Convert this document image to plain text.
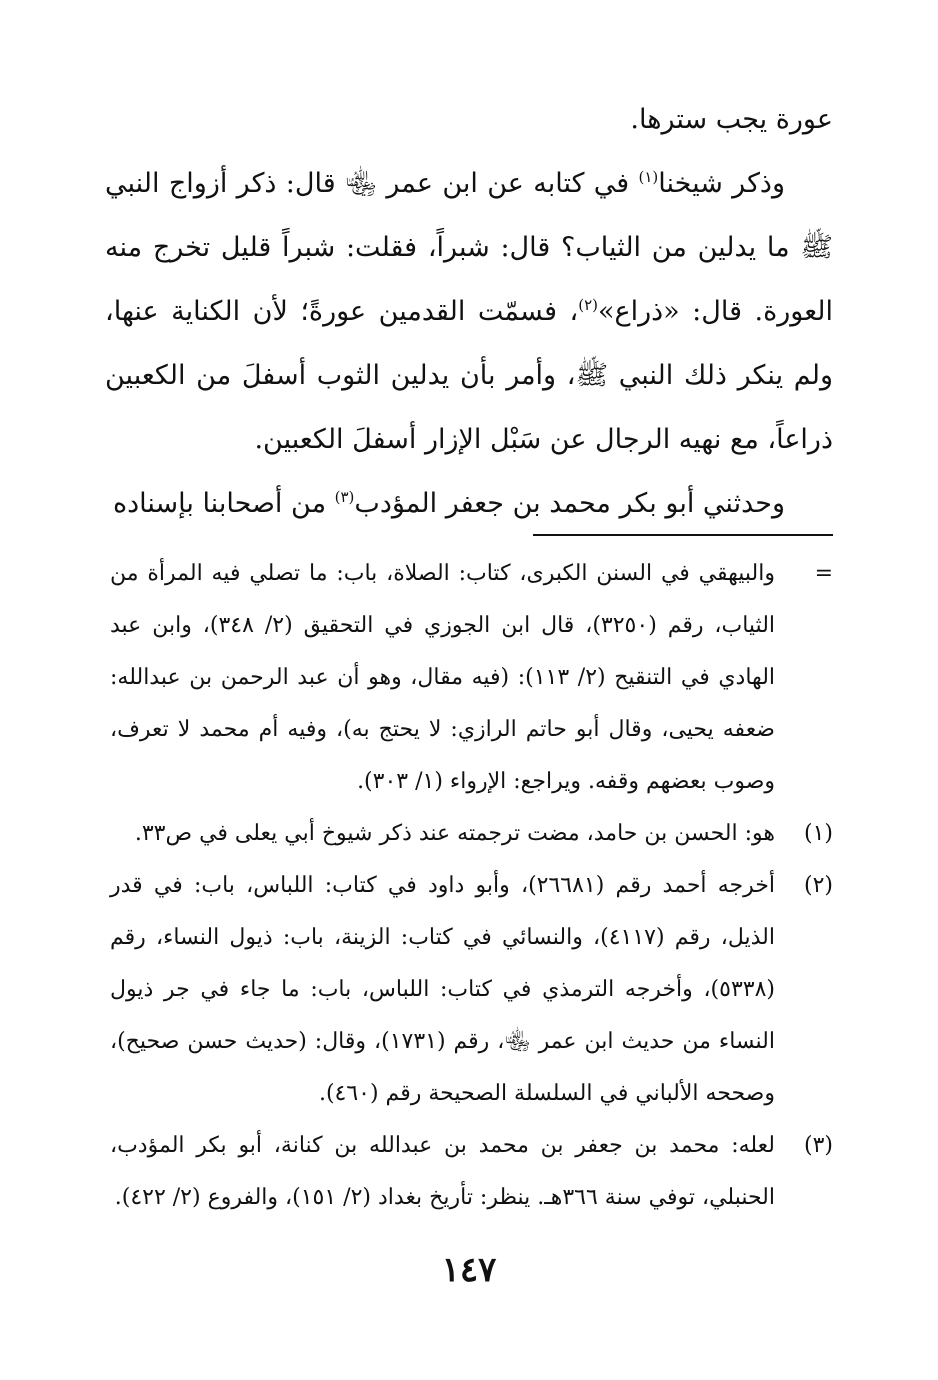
عورة يجب سترها.

وذكر شيخنا$^{(١)}$ في كتابه عن ابن عمر ﵄ قال: ذكر أزواج النبي ﷺ ما يدلين من الثياب؟ قال: شبراً، فقلت: شبراً قليل تخرج منه العورة. قال: «ذراع»$^{(٢)}$، فسمّت القدمين عورةً؛ لأن الكناية عنها، ولم ينكر ذلك النبي ﷺ، وأمر بأن يدلين الثوب أسفلَ من الكعبين ذراعاً، مع نهيه الرجال عن سَبْل الإزار أسفلَ الكعبين.

وحدثني أبو بكر محمد بن جعفر المؤدب$^{(٣)}$ من أصحابنا بإسناده

=
والبيهقي في السنن الكبرى، كتاب: الصلاة، باب: ما تصلي فيه المرأة من الثياب، رقم (٣٢٥٠)، قال ابن الجوزي في التحقيق (٢/ ٣٤٨)، وابن عبد الهادي في التنقيح (٢/ ١١٣): (فيه مقال، وهو أن عبد الرحمن بن عبدالله: ضعفه يحيى، وقال أبو حاتم الرازي: لا يحتج به)، وفيه أم محمد لا تعرف، وصوب بعضهم وقفه. ويراجع: الإرواء (١/ ٣٠٣).

(١)
هو: الحسن بن حامد، مضت ترجمته عند ذكر شيوخ أبي يعلى في ص٣٣.

(٢)
أخرجه أحمد رقم (٢٦٦٨١)، وأبو داود في كتاب: اللباس، باب: في قدر الذيل، رقم (٤١١٧)، والنسائي في كتاب: الزينة، باب: ذيول النساء، رقم (٥٣٣٨)، وأخرجه الترمذي في كتاب: اللباس، باب: ما جاء في جر ذيول النساء من حديث ابن عمر ﵄، رقم (١٧٣١)، وقال: (حديث حسن صحيح)، وصححه الألباني في السلسلة الصحيحة رقم (٤٦٠).

(٣)
لعله: محمد بن جعفر بن محمد بن عبدالله بن كنانة، أبو بكر المؤدب، الحنبلي، توفي سنة ٣٦٦هـ. ينظر: تأريخ بغداد (٢/ ١٥١)، والفروع (٢/ ٤٢٢).

١٤٧
